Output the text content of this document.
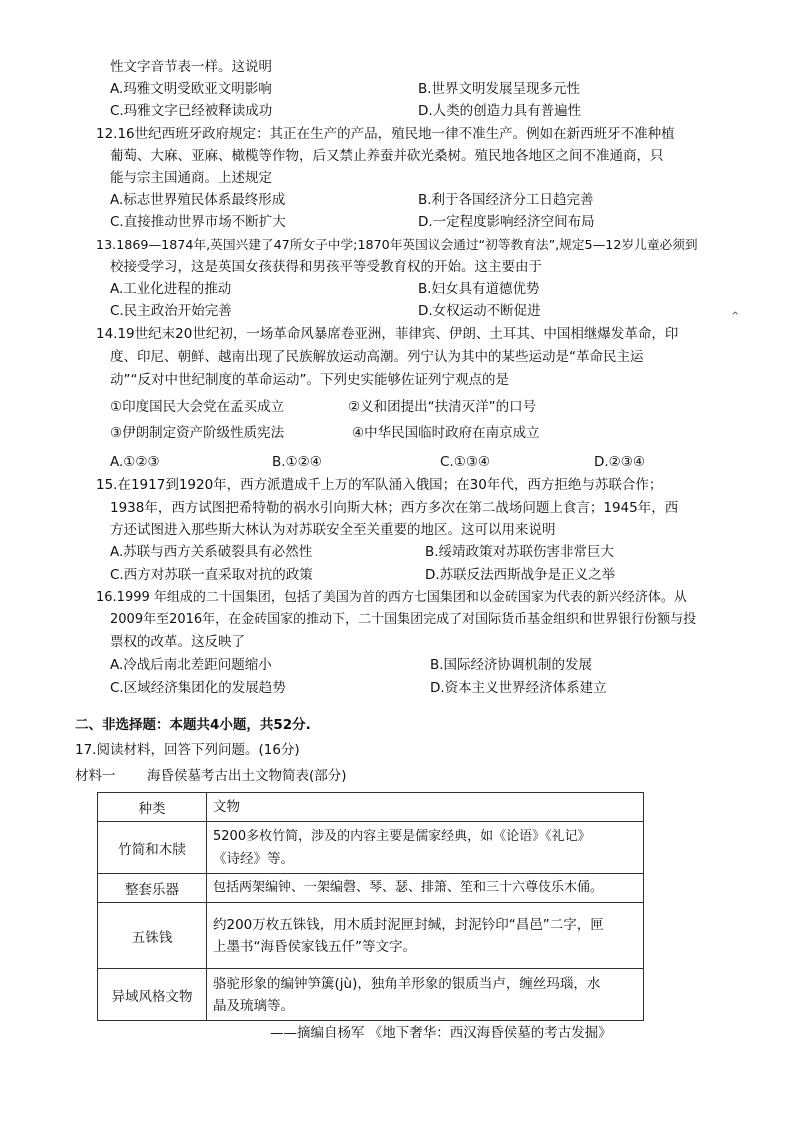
性文字音节表一样。这说明
A.玛雅文明受欧亚文明影响	B.世界文明发展呈现多元性
C.玛雅文字已经被释读成功	D.人类的创造力具有普遍性
12.16世纪西班牙政府规定：其正在生产的产品，殖民地一律不准生产。例如在新西班牙不准种植
葡萄、大麻、亚麻、橄榄等作物，后又禁止养蚕并砍光桑树。殖民地各地区之间不准通商，只
能与宗主国通商。上述规定
A.标志世界殖民体系最终形成	B.利于各国经济分工日趋完善
C.直接推动世界市场不断扩大	D.一定程度影响经济空间布局
13.1869—1874年,英国兴建了47所女子中学;1870年英国议会通过“初等教育法”,规定5—12岁儿童必须到
校接受学习，这是英国女孩获得和男孩平等受教育权的开始。这主要由于
A.工业化进程的推动	B.妇女具有道德优势
C.民主政治开始完善	D.女权运动不断促进	^
14.19世纪末20世纪初，一场革命风暴席卷亚洲，菲律宾、伊朗、土耳其、中国相继爆发革命，印
度、印尼、朝鲜、越南出现了民族解放运动高潮。列宁认为其中的某些运动是“革命民主运
动”“反对中世纪制度的革命运动”。下列史实能够佐证列宁观点的是
①印度国民大会党在孟买成立	②义和团提出“扶清灭洋”的口号
③伊朗制定资产阶级性质宪法	④中华民国临时政府在南京成立
A.①②③	B.①②④	C.①③④	D.②③④
15.在1917到1920年，西方派遣成千上万的军队涌入俄国；在30年代，西方拒绝与苏联合作；
1938年，西方试图把希特勒的祸水引向斯大林；西方多次在第二战场问题上食言；1945年，西
方还试图进入那些斯大林认为对苏联安全至关重要的地区。这可以用来说明
A.苏联与西方关系破裂具有必然性	B.绥靖政策对苏联伤害非常巨大
C.西方对苏联一直采取对抗的政策	D.苏联反法西斯战争是正义之举
16.1999 年组成的二十国集团，包括了美国为首的西方七国集团和以金砖国家为代表的新兴经济体。从
2009年至2016年，在金砖国家的推动下，二十国集团完成了对国际货币基金组织和世界银行份额与投
票权的改革。这反映了
A.冷战后南北差距问题缩小	B.国际经济协调机制的发展
C.区域经济集团化的发展趋势	D.资本主义世界经济体系建立
二、非选择题：本题共4小题，共52分.
17.阅读材料，回答下列问题。(16分)
材料一 海昏侯墓考古出土文物简表(部分)
种类	文物
竹简和木牍	5200多枚竹简，涉及的内容主要是儒家经典，如《论语》《礼记》
《诗经》等。

整套乐器	包括两架编钟、一架编磬、琴、瑟、排箫、笙和三十六尊伎乐木俑。

五铢钱	约200万枚五铢钱，用木质封泥匣封缄，封泥钤印“昌邑”二字，匣
上墨书“海昏侯家钱五仟”等文字。

异域风格文物	骆驼形象的编钟笋簴(jù)，独角羊形象的银质当卢，缠丝玛瑙，水
晶及琉璃等。
——摘编自杨军 《地下奢华：西汉海昏侯墓的考古发掘》
